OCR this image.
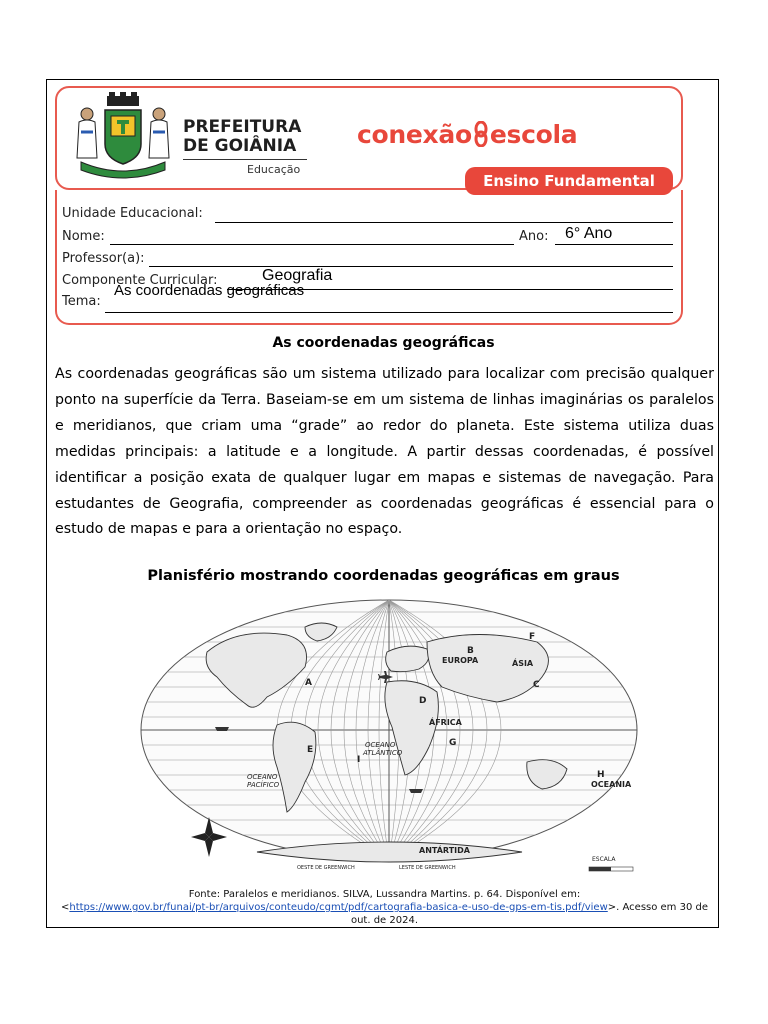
PREFEITURA
DE GOIÂNIA
Educação
conexão escola
Ensino Fundamental
Unidade Educacional:
Nome:	Ano: 6° Ano
Professor(a):
Componente Curricular:	Geografia
Tema:
As coordenadas geográficas
As coordenadas geográficas
As coordenadas geográficas são um sistema utilizado para localizar com precisão qualquer ponto na superfície da Terra. Baseiam-se em um sistema de linhas imaginárias os paralelos e meridianos, que criam uma “grade” ao redor do planeta. Este sistema utiliza duas medidas principais: a latitude e a longitude. A partir dessas coordenadas, é possível identificar a posição exata de qualquer lugar em mapas e sistemas de navegação. Para estudantes de Geografia, compreender as coordenadas geográficas é essencial para o estudo de mapas e para a orientação no espaço.
Planisfério mostrando coordenadas geográficas em graus
A
B
C
D
E
F
G
H
I
EUROPA	ÁSIA
ÁFRICA
OCEANIA
ANTÁRTIDA
OCEANO
ATLÂNTICO
OCEANO
PACÍFICO
OESTE DE GREENWICH	LESTE DE GREENWICH
ESCALA
Fonte: Paralelos e meridianos. SILVA, Lussandra Martins. p. 64. Disponível em:
<https://www.gov.br/funai/pt-br/arquivos/conteudo/cgmt/pdf/cartografia-basica-e-uso-de-gps-em-tis.pdf/view>. Acesso em 30 de out. de 2024.
